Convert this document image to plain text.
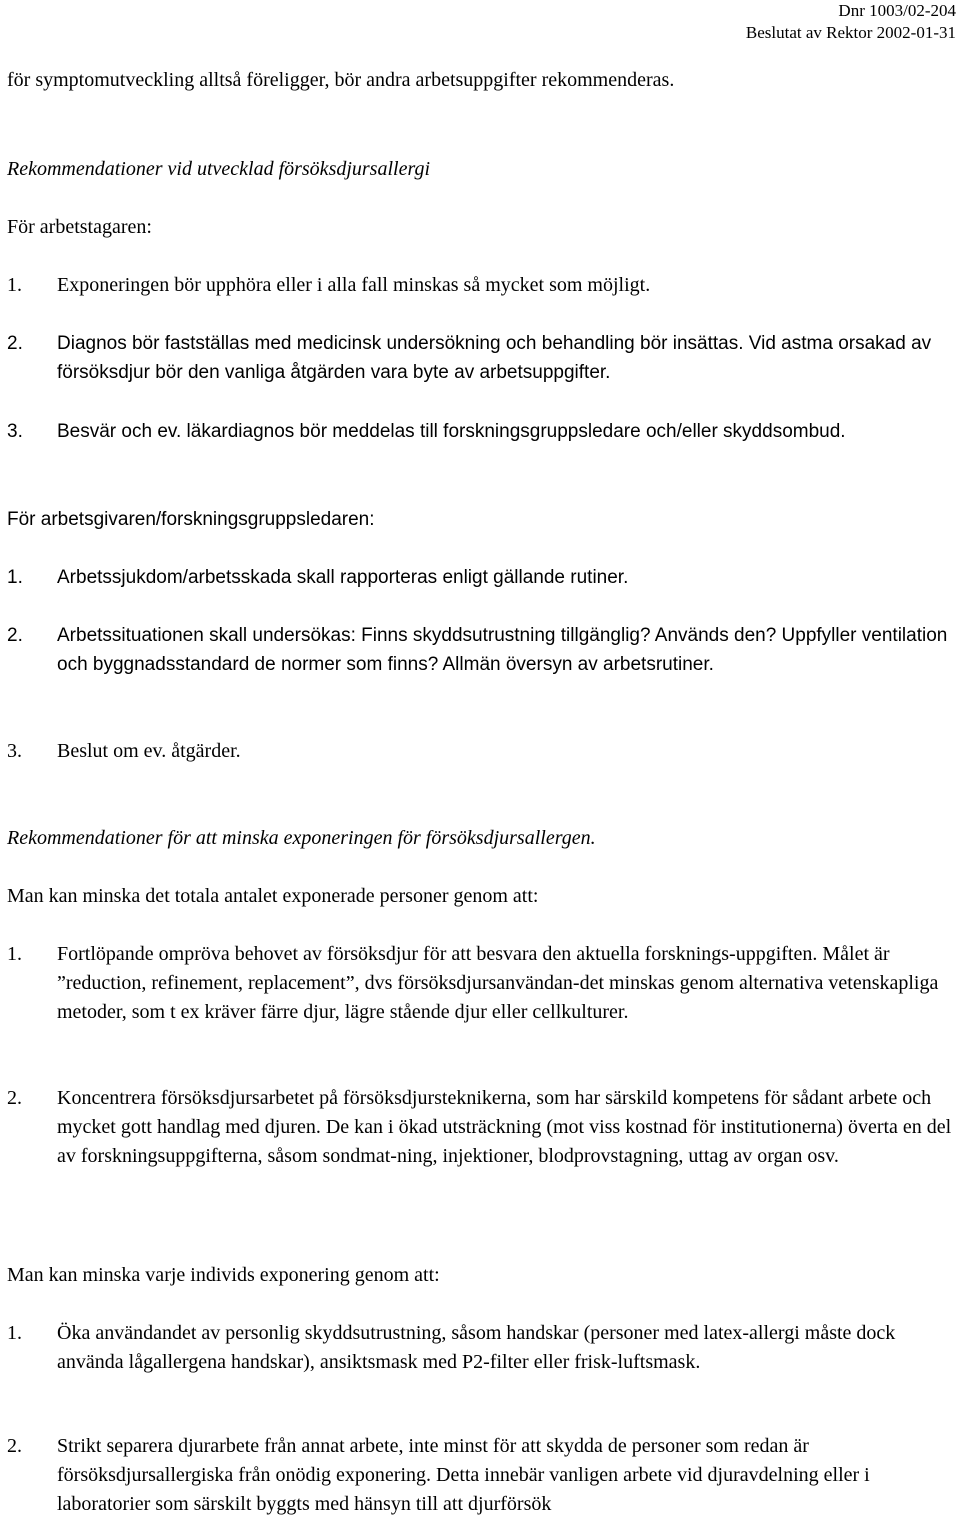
Dnr 1003/02-204
Beslutat av Rektor 2002-01-31
för symptomutveckling alltså föreligger, bör andra arbetsuppgifter rekommenderas.
Rekommendationer vid utvecklad försöksdjursallergi
För arbetstagaren:
1. Exponeringen bör upphöra eller i alla fall minskas så mycket som möjligt.
2. Diagnos bör fastställas med medicinsk undersökning och behandling bör insättas. Vid astma orsakad av försöksdjur bör den vanliga åtgärden vara byte av arbetsuppgifter.
3. Besvär och ev. läkardiagnos bör meddelas till forskningsgruppsledare och/eller skyddsombud.
För arbetsgivaren/forskningsgruppsledaren:
1. Arbetssjukdom/arbetsskada skall rapporteras enligt gällande rutiner.
2. Arbetssituationen skall undersökas: Finns skyddsutrustning tillgänglig? Används den? Uppfyller ventilation och byggnadsstandard de normer som finns? Allmän översyn av arbetsrutiner.
3. Beslut om ev. åtgärder.
Rekommendationer för att minska exponeringen för försöksdjursallergen.
Man kan minska det totala antalet exponerade personer genom att:
1. Fortlöpande ompröva behovet av försöksdjur för att besvara den aktuella forsknings-uppgiften. Målet är ”reduction, refinement, replacement”, dvs försöksdjursanvändan-det minskas genom alternativa vetenskapliga metoder, som t ex kräver färre djur, lägre stående djur eller cellkulturer.
2. Koncentrera försöksdjursarbetet på försöksdjursteknikerna, som har särskild kompetens för sådant arbete och mycket gott handlag med djuren. De kan i ökad utsträckning (mot viss kostnad för institutionerna) överta en del av forskningsuppgifterna, såsom sondmat-ning, injektioner, blodprovstagning, uttag av organ osv.
Man kan minska varje individs exponering genom att:
1. Öka användandet av personlig skyddsutrustning, såsom handskar (personer med latex-allergi måste dock använda lågallergena handskar), ansiktsmask med P2-filter eller frisk-luftsmask.
2. Strikt separera djurarbete från annat arbete, inte minst för att skydda de personer som redan är försöksdjursallergiska från onödig exponering. Detta innebär vanligen arbete vid djuravdelning eller i laboratorier som särskilt byggts med hänsyn till att djurförsök
